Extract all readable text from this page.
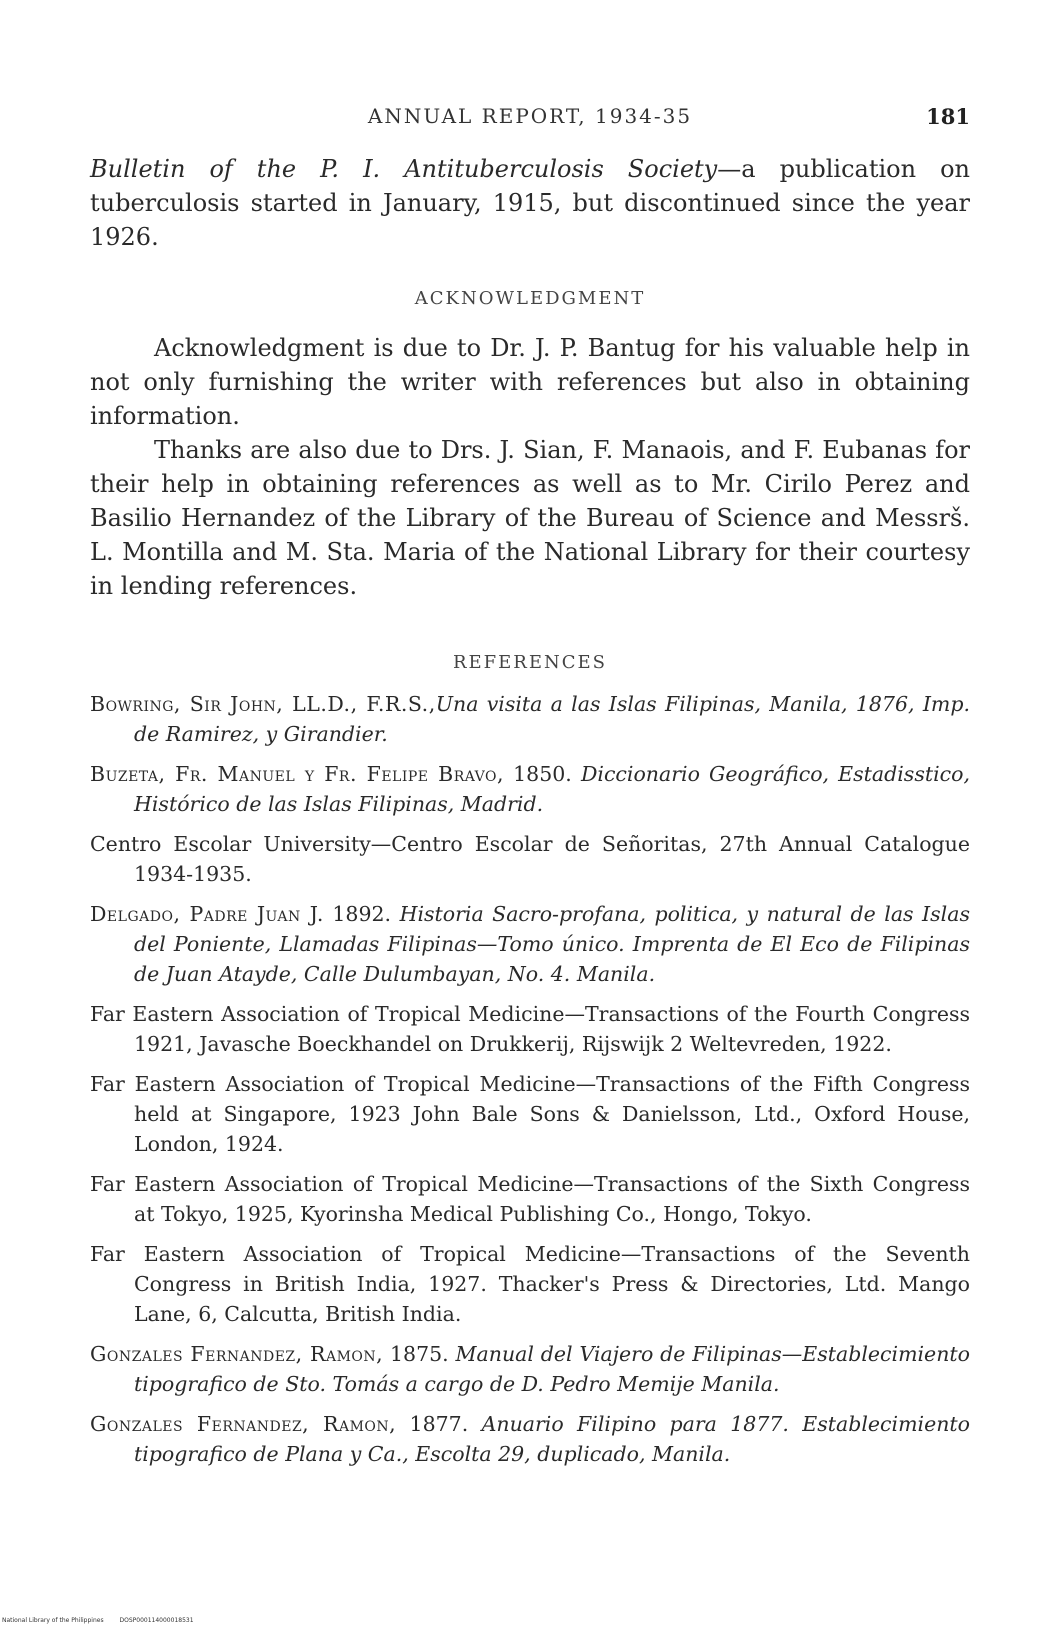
ANNUAL REPORT, 1934-35	181

Bulletin of the P. I. Antituberculosis Society—a publication on tuberculosis started in January, 1915, but discontinued since the year 1926.

ACKNOWLEDGMENT

Acknowledgment is due to Dr. J. P. Bantug for his valuable help in not only furnishing the writer with references but also in obtaining information.

Thanks are also due to Drs. J. Sian, F. Manaois, and F. Eubanas for their help in obtaining references as well as to Mr. Cirilo Perez and Basilio Hernandez of the Library of the Bureau of Science and Messrš. L. Montilla and M. Sta. Maria of the National Library for their courtesy in lending references.

REFERENCES

Bowring, Sir John, LL.D., F.R.S.,Una visita a las Islas Filipinas, Manila, 1876, Imp. de Ramirez, y Girandier.

Buzeta, Fr. Manuel y Fr. Felipe Bravo, 1850. Diccionario Geográfico, Estadisstico, Histórico de las Islas Filipinas, Madrid.

Centro Escolar University—Centro Escolar de Señoritas, 27th Annual Catalogue 1934-1935.

Delgado, Padre Juan J. 1892. Historia Sacro-profana, politica, y natural de las Islas del Poniente, Llamadas Filipinas—Tomo único. Imprenta de El Eco de Filipinas de Juan Atayde, Calle Dulumbayan, No. 4. Manila.

Far Eastern Association of Tropical Medicine—Transactions of the Fourth Congress 1921, Javasche Boeckhandel on Drukkerij, Rijswijk 2 Weltevreden, 1922.

Far Eastern Association of Tropical Medicine—Transactions of the Fifth Congress held at Singapore, 1923 John Bale Sons & Danielsson, Ltd., Oxford House, London, 1924.

Far Eastern Association of Tropical Medicine—Transactions of the Sixth Congress at Tokyo, 1925, Kyorinsha Medical Publishing Co., Hongo, Tokyo.

Far Eastern Association of Tropical Medicine—Transactions of the Seventh Congress in British India, 1927. Thacker's Press & Directories, Ltd. Mango Lane, 6, Calcutta, British India.

Gonzales Fernandez, Ramon, 1875. Manual del Viajero de Filipinas—Establecimiento tipografico de Sto. Tomás a cargo de D. Pedro Memije Manila.

Gonzales Fernandez, Ramon, 1877. Anuario Filipino para 1877. Establecimiento tipografico de Plana y Ca., Escolta 29, duplicado, Manila.

National Library of the Philippines	DOSP000114000018531
